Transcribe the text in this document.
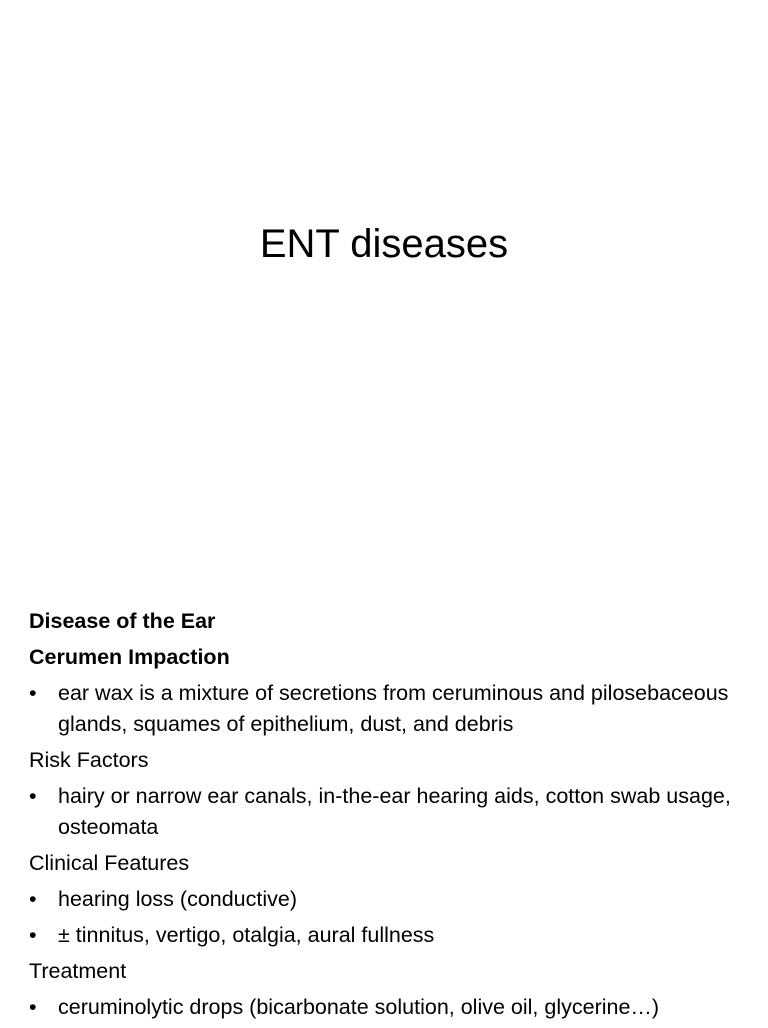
ENT diseases
Disease of the Ear
Cerumen Impaction
• ear wax is a mixture of secretions from ceruminous and pilosebaceous glands, squames of epithelium, dust, and debris
Risk Factors
• hairy or narrow ear canals, in-the-ear hearing aids, cotton swab usage, osteomata
Clinical Features
• hearing loss (conductive)
• ± tinnitus, vertigo, otalgia, aural fullness
Treatment
• ceruminolytic drops (bicarbonate solution, olive oil, glycerine…)
